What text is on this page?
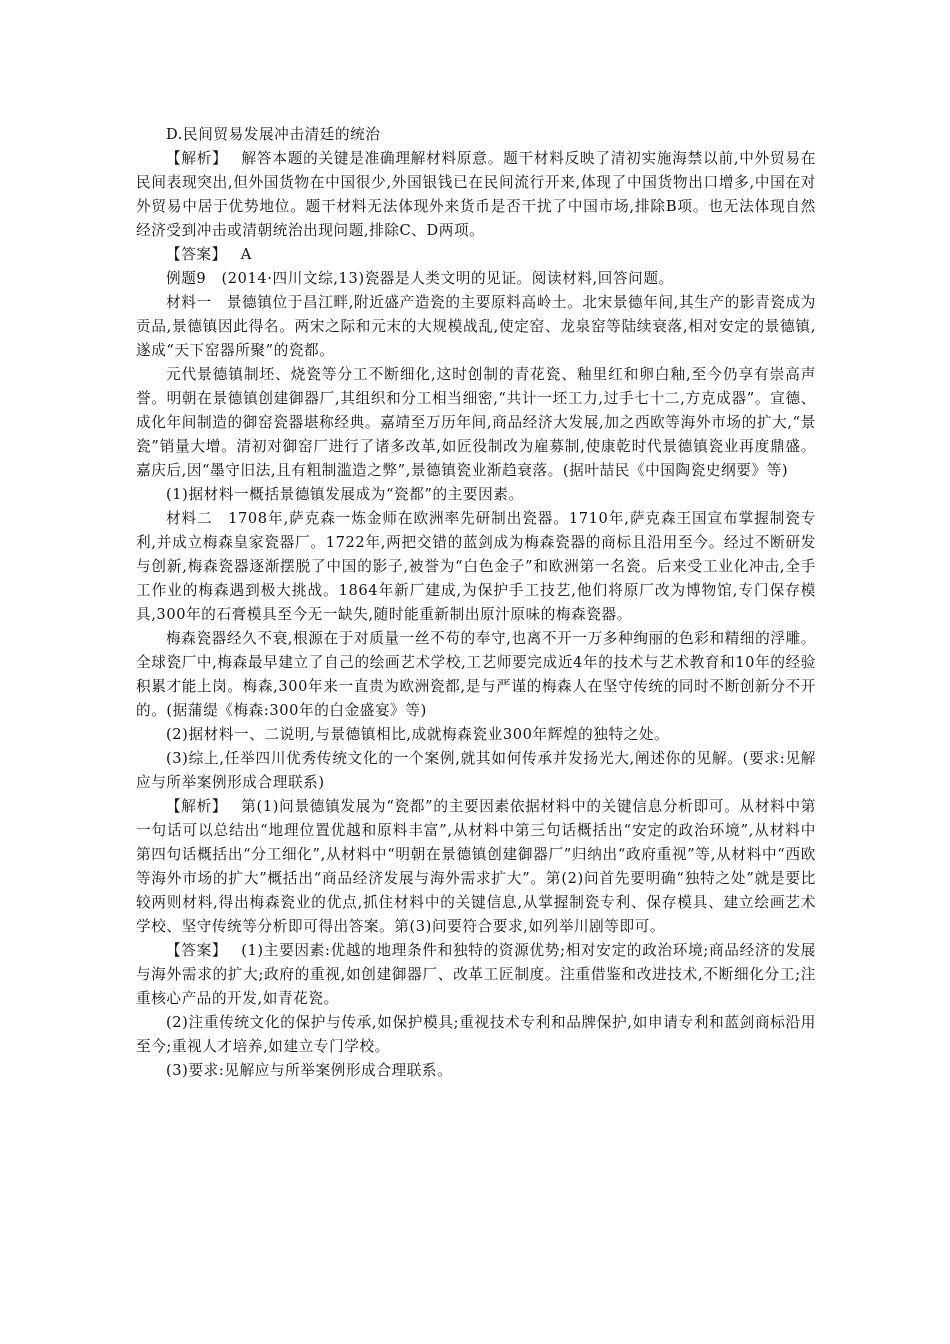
D.民间贸易发展冲击清廷的统治

【解析】 解答本题的关键是准确理解材料原意。题干材料反映了清初实施海禁以前,中外贸易在民间表现突出,但外国货物在中国很少,外国银钱已在民间流行开来,体现了中国货物出口增多,中国在对外贸易中居于优势地位。题干材料无法体现外来货币是否干扰了中国市场,排除B项。也无法体现自然经济受到冲击或清朝统治出现问题,排除C、D两项。

【答案】 A

例题9　(2014·四川文综,13)瓷器是人类文明的见证。阅读材料,回答问题。

材料一　景德镇位于昌江畔,附近盛产造瓷的主要原料高岭土。北宋景德年间,其生产的影青瓷成为贡品,景德镇因此得名。两宋之际和元末的大规模战乱,使定窑、龙泉窑等陆续衰落,相对安定的景德镇,遂成“天下窑器所聚”的瓷都。

元代景德镇制坯、烧瓷等分工不断细化,这时创制的青花瓷、釉里红和卵白釉,至今仍享有崇高声誉。明朝在景德镇创建御器厂,其组织和分工相当细密,“共计一坯工力,过手七十二,方克成器”。宣德、成化年间制造的御窑瓷器堪称经典。嘉靖至万历年间,商品经济大发展,加之西欧等海外市场的扩大,“景瓷”销量大增。清初对御窑厂进行了诸多改革,如匠役制改为雇募制,使康乾时代景德镇瓷业再度鼎盛。嘉庆后,因“墨守旧法,且有粗制滥造之弊”,景德镇瓷业渐趋衰落。(据叶喆民《中国陶瓷史纲要》等)

(1)据材料一概括景德镇发展成为“瓷都”的主要因素。

材料二　1708年,萨克森一炼金师在欧洲率先研制出瓷器。1710年,萨克森王国宣布掌握制瓷专利,并成立梅森皇家瓷器厂。1722年,两把交错的蓝剑成为梅森瓷器的商标且沿用至今。经过不断研发与创新,梅森瓷器逐渐摆脱了中国的影子,被誉为“白色金子”和欧洲第一名瓷。后来受工业化冲击,全手工作业的梅森遇到极大挑战。1864年新厂建成,为保护手工技艺,他们将原厂改为博物馆,专门保存模具,300年的石膏模具至今无一缺失,随时能重新制出原汁原味的梅森瓷器。

梅森瓷器经久不衰,根源在于对质量一丝不苟的奉守,也离不开一万多种绚丽的色彩和精细的浮雕。全球瓷厂中,梅森最早建立了自己的绘画艺术学校,工艺师要完成近4年的技术与艺术教育和10年的经验积累才能上岗。梅森,300年来一直贵为欧洲瓷都,是与严谨的梅森人在坚守传统的同时不断创新分不开的。(据蒲缇《梅森:300年的白金盛宴》等)

(2)据材料一、二说明,与景德镇相比,成就梅森瓷业300年辉煌的独特之处。

(3)综上,任举四川优秀传统文化的一个案例,就其如何传承并发扬光大,阐述你的见解。(要求:见解应与所举案例形成合理联系)

【解析】 第(1)问景德镇发展为“瓷都”的主要因素依据材料中的关键信息分析即可。从材料中第一句话可以总结出“地理位置优越和原料丰富”,从材料中第三句话概括出“安定的政治环境”,从材料中第四句话概括出“分工细化”,从材料中“明朝在景德镇创建御器厂”归纳出“政府重视”等,从材料中“西欧等海外市场的扩大”概括出“商品经济发展与海外需求扩大”。第(2)问首先要明确“独特之处”就是要比较两则材料,得出梅森瓷业的优点,抓住材料中的关键信息,从掌握制瓷专利、保存模具、建立绘画艺术学校、坚守传统等分析即可得出答案。第(3)问要符合要求,如列举川剧等即可。

【答案】 (1)主要因素:优越的地理条件和独特的资源优势;相对安定的政治环境;商品经济的发展与海外需求的扩大;政府的重视,如创建御器厂、改革工匠制度。注重借鉴和改进技术,不断细化分工;注重核心产品的开发,如青花瓷。

(2)注重传统文化的保护与传承,如保护模具;重视技术专利和品牌保护,如申请专利和蓝剑商标沿用至今;重视人才培养,如建立专门学校。

(3)要求:见解应与所举案例形成合理联系。
